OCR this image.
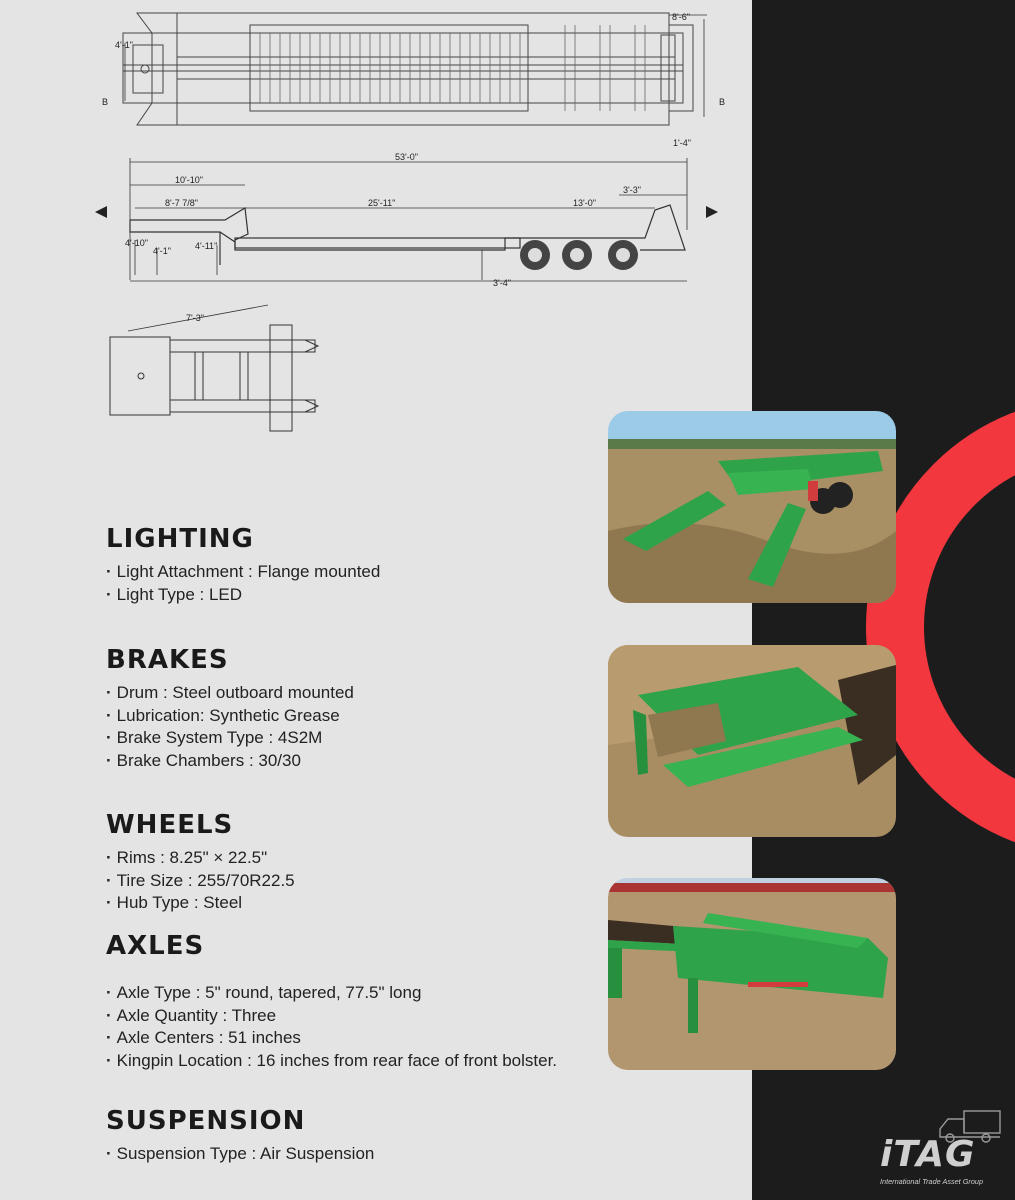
4'-1"
8'-6"
1'-4"
B	B
53'-0"
10'-10"
8'-7 7/8"	25'-11"	13'-0"
3'-3"
4'-10"
4'-1"	4'-11"
3'-4"
7'-3"
LIGHTING
· Light Attachment : Flange mounted
· Light Type : LED
BRAKES
· Drum : Steel outboard mounted
· Lubrication: Synthetic Grease
· Brake System Type : 4S2M
· Brake Chambers : 30/30
WHEELS
· Rims : 8.25" × 22.5"
· Tire Size : 255/70R22.5
· Hub Type : Steel
AXLES
· Axle Type : 5" round, tapered, 77.5" long
· Axle Quantity : Three
· Axle Centers : 51 inches
· Kingpin Location : 16 inches from rear face of front bolster.
SUSPENSION
· Suspension Type : Air Suspension	iTAG
International Trade Asset Group
